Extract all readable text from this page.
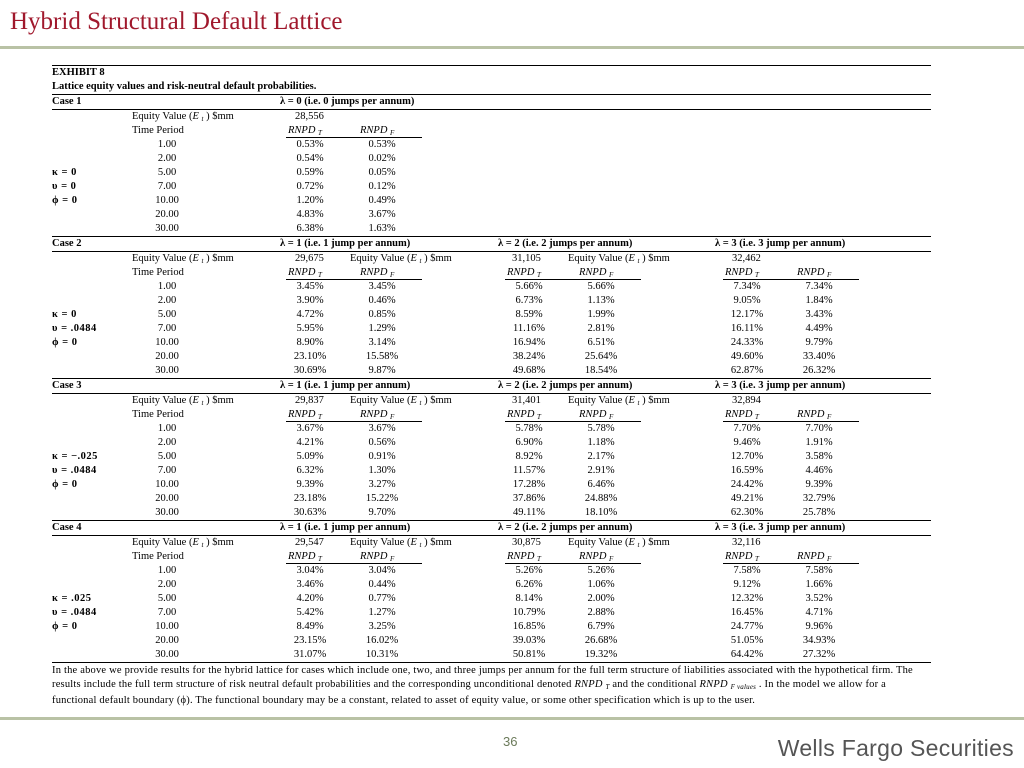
Hybrid Structural Default Lattice
EXHIBIT 8
Lattice equity values and risk-neutral default probabilities.
Case 1	λ = 0 (i.e. 0 jumps per annum)
Equity Value (E $_t$ ) $mm	28,556
Time Period	RNPD $_T$	RNPD $_F$
1.00	0.53%	0.53%
2.00	0.54%	0.02%
κ = 0	5.00	0.59%	0.05%
υ = 0	7.00	0.72%	0.12%
ϕ = 0	10.00	1.20%	0.49%
20.00	4.83%	3.67%
30.00	6.38%	1.63%
Case 2	λ = 1 (i.e. 1 jump per annum)	λ = 2 (i.e. 2 jumps per annum)	λ = 3 (i.e. 3 jump per annum)
Equity Value (E $_t$ ) $mm	29,675 Equity Value (E $_t$ ) $mm	31,105	Equity Value (E $_t$ ) $mm	32,462
Time Period	RNPD $_T$	RNPD $_F$	RNPD $_T$	RNPD $_F$	RNPD $_T$	RNPD $_F$
1.00	3.45%	3.45%	5.66%	5.66%	7.34%	7.34%
2.00	3.90%	0.46%	6.73%	1.13%	9.05%	1.84%
κ = 0	5.00	4.72%	0.85%	8.59%	1.99%	12.17%	3.43%
υ = .0484	7.00	5.95%	1.29%	11.16%	2.81%	16.11%	4.49%
ϕ = 0	10.00	8.90%	3.14%	16.94%	6.51%	24.33%	9.79%
20.00	23.10%	15.58%	38.24%	25.64%	49.60%	33.40%
30.00	30.69%	9.87%	49.68%	18.54%	62.87%	26.32%
Case 3	λ = 1 (i.e. 1 jump per annum)	λ = 2 (i.e. 2 jumps per annum)	λ = 3 (i.e. 3 jump per annum)
Equity Value (E $_t$ ) $mm	29,837 Equity Value (E $_t$ ) $mm	31,401	Equity Value (E $_t$ ) $mm	32,894
Time Period	RNPD $_T$	RNPD $_F$	RNPD $_T$	RNPD $_F$	RNPD $_T$	RNPD $_F$
1.00	3.67%	3.67%	5.78%	5.78%	7.70%	7.70%
2.00	4.21%	0.56%	6.90%	1.18%	9.46%	1.91%
κ = −.025	5.00	5.09%	0.91%	8.92%	2.17%	12.70%	3.58%
υ = .0484	7.00	6.32%	1.30%	11.57%	2.91%	16.59%	4.46%
ϕ = 0	10.00	9.39%	3.27%	17.28%	6.46%	24.42%	9.39%
20.00	23.18%	15.22%	37.86%	24.88%	49.21%	32.79%
30.00	30.63%	9.70%	49.11%	18.10%	62.30%	25.78%
Case 4	λ = 1 (i.e. 1 jump per annum)	λ = 2 (i.e. 2 jumps per annum)	λ = 3 (i.e. 3 jump per annum)
Equity Value (E $_t$ ) $mm	29,547 Equity Value (E $_t$ ) $mm	30,875	Equity Value (E $_t$ ) $mm	32,116
Time Period	RNPD $_T$	RNPD $_F$	RNPD $_T$	RNPD $_F$	RNPD $_T$	RNPD $_F$
1.00	3.04%	3.04%	5.26%	5.26%	7.58%	7.58%
2.00	3.46%	0.44%	6.26%	1.06%	9.12%	1.66%
κ = .025	5.00	4.20%	0.77%	8.14%	2.00%	12.32%	3.52%
υ = .0484	7.00	5.42%	1.27%	10.79%	2.88%	16.45%	4.71%
ϕ = 0	10.00	8.49%	3.25%	16.85%	6.79%	24.77%	9.96%
20.00	23.15%	16.02%	39.03%	26.68%	51.05%	34.93%
30.00	31.07%	10.31%	50.81%	19.32%	64.42%	27.32%
In the above we provide results for the hybrid lattice for cases which include one, two, and three jumps per annum for the full term structure of liabilities associated with the hypothetical firm. The results include the full term structure of risk neutral default probabilities and the corresponding unconditional denoted RNPD $_T$ and the conditional RNPD $_{F values}$ . In the model we allow for a functional default boundary (ϕ). The functional boundary may be a constant, related to asset of equity value, or some other specification which is up to the user.
36	Wells Fargo Securities
